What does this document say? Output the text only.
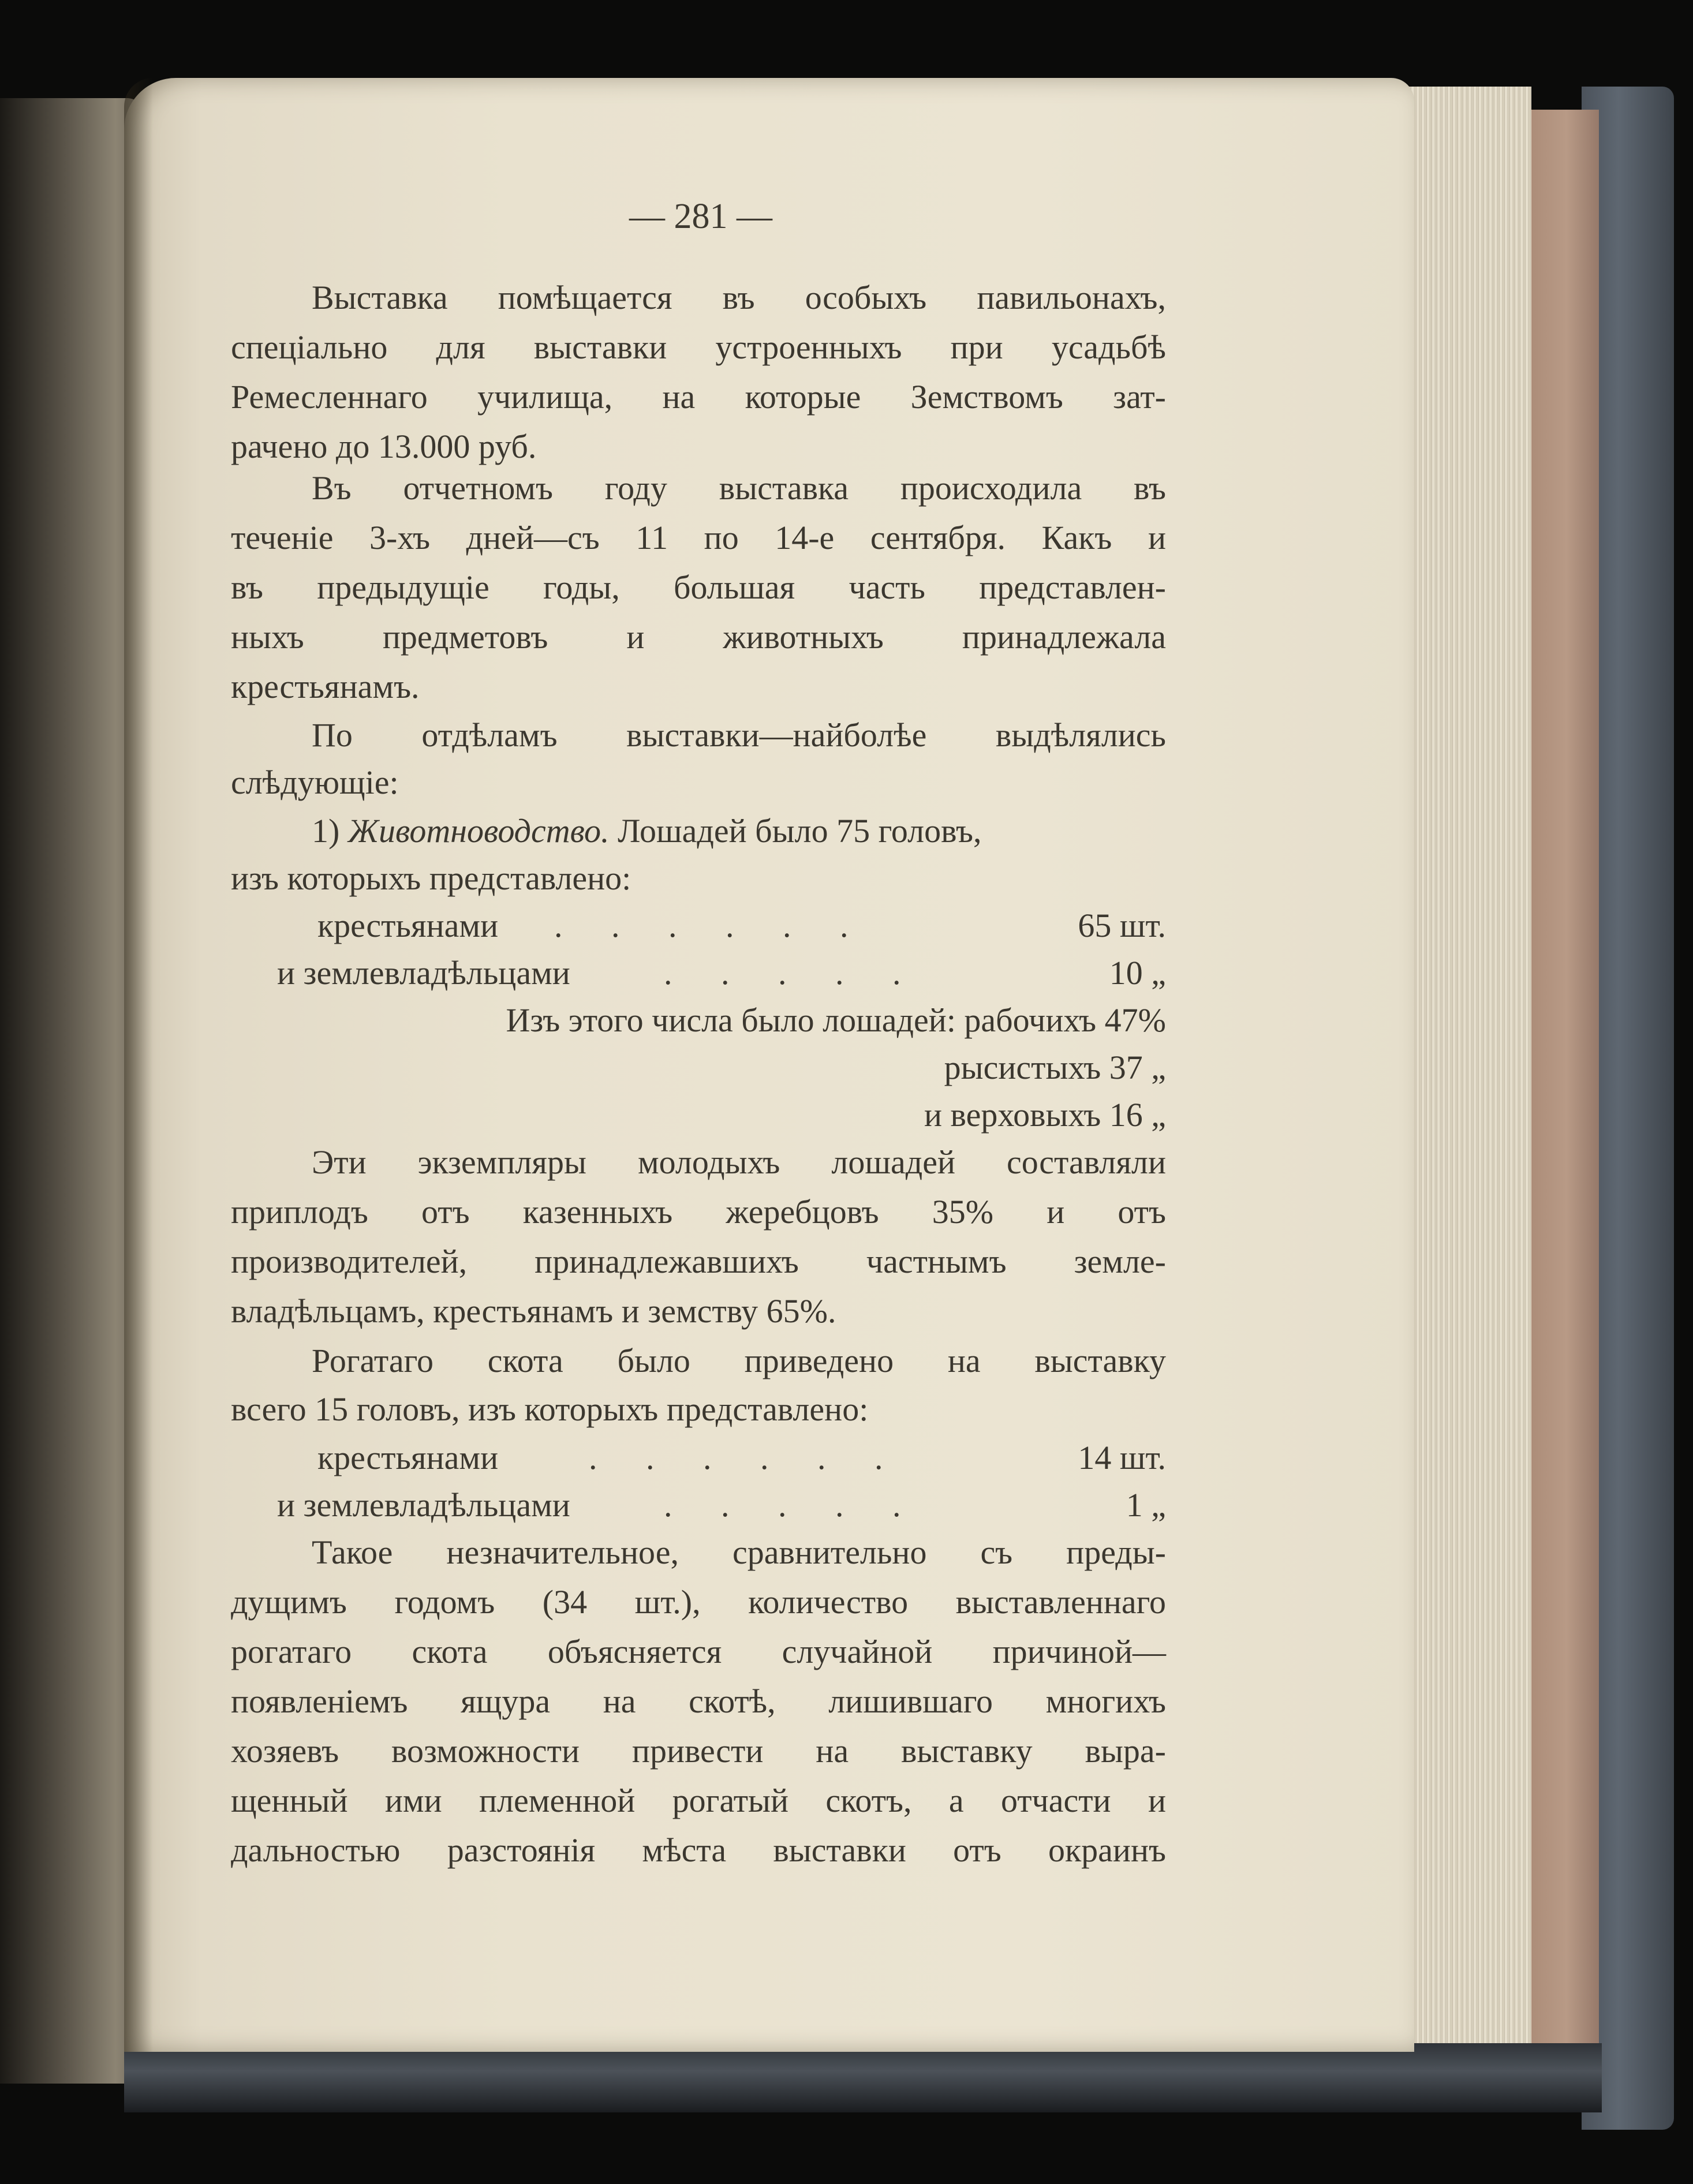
— 281 —
Выставка помѣщается въ особыхъ павильонахъ,
спеціально для выставки устроенныхъ при усадьбѣ
Ремесленнаго училища, на которые Земствомъ зат-
рачено до 13.000 руб.
Въ отчетномъ году выставка происходила въ
теченіе 3-хъ дней—съ 11 по 14-е сентября. Какъ и
въ предыдущіе годы, большая часть представлен-
ныхъ предметовъ и животныхъ принадлежала
крестьянамъ.
По отдѣламъ выставки—найболѣе выдѣлялись
слѣдующіе:
1) Животноводство. Лошадей было 75 головъ,
изъ которыхъ представлено:
крестьянами . . . . . .	65 шт.
и землевладѣльцами	. . . . .	10 „
Изъ этого числа было лошадей: рабочихъ 47%
рысистыхъ 37 „
и верховыхъ 16 „
Эти экземпляры молодыхъ лошадей составляли
приплодъ отъ казенныхъ жеребцовъ 35% и отъ
производителей, принадлежавшихъ частнымъ земле-
владѣльцамъ, крестьянамъ и земству 65%.
Рогатаго скота было приведено на выставку
всего 15 головъ, изъ которыхъ представлено:
крестьянами	. . . . . .	14 шт.
и землевладѣльцами	. . . . .	1 „
Такое незначительное, сравнительно съ преды-
дущимъ годомъ (34 шт.), количество выставленнаго
рогатаго скота объясняется случайной причиной—
появленіемъ ящура на скотѣ, лишившаго многихъ
хозяевъ возможности привести на выставку выра-
щенный ими племенной рогатый скотъ, а отчасти и
дальностью разстоянія мѣста выставки отъ окраинъ
